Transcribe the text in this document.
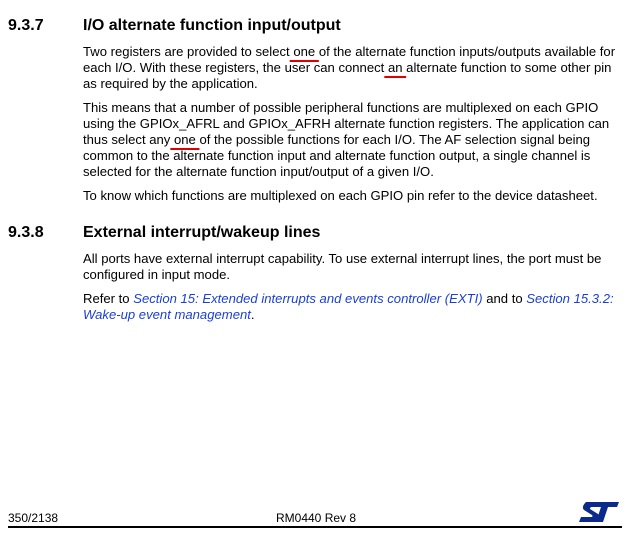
9.3.7 I/O alternate function input/output

Two registers are provided to select one of the alternate function inputs/outputs available for each I/O. With these registers, the user can connect an alternate function to some other pin as required by the application.

This means that a number of possible peripheral functions are multiplexed on each GPIO using the GPIOx_AFRL and GPIOx_AFRH alternate function registers. The application can thus select any one of the possible functions for each I/O. The AF selection signal being common to the alternate function input and alternate function output, a single channel is selected for the alternate function input/output of a given I/O.

To know which functions are multiplexed on each GPIO pin refer to the device datasheet.

9.3.8 External interrupt/wakeup lines

All ports have external interrupt capability. To use external interrupt lines, the port must be configured in input mode.

Refer to Section 15: Extended interrupts and events controller (EXTI) and to Section 15.3.2: Wake-up event management.

350/2138	RM0440 Rev 8
